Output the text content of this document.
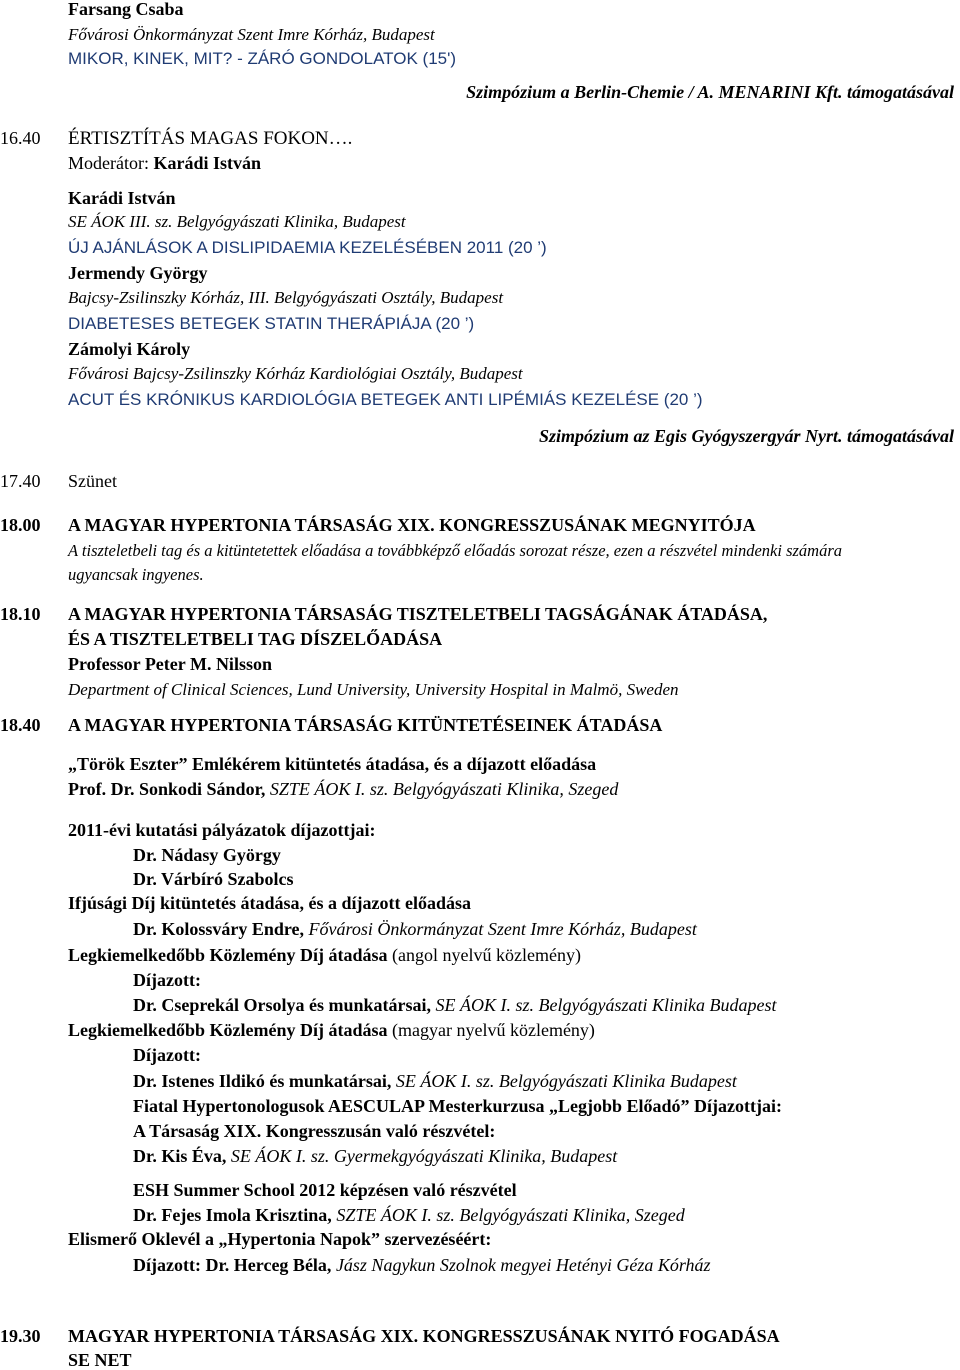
Farsang Csaba
Fővárosi Önkormányzat Szent Imre Kórház, Budapest
MIKOR, KINEK, MIT? - ZÁRÓ GONDOLATOK (15')
Szimpózium a Berlin-Chemie / A. MENARINI Kft. támogatásával
16.40 ÉRTISZTÍTÁS MAGAS FOKON….
Moderátor: Karádi István
Karádi István
SE ÁOK III. sz. Belgyógyászati Klinika, Budapest
ÚJ AJÁNLÁSOK A DISLIPIDAEMIA KEZELÉSÉBEN 2011 (20 ’)
Jermendy György
Bajcsy-Zsilinszky Kórház, III. Belgyógyászati Osztály, Budapest
DIABETESES BETEGEK STATIN THERÁPIÁJA (20 ’)
Zámolyi Károly
Fővárosi Bajcsy-Zsilinszky Kórház Kardiológiai Osztály, Budapest
ACUT ÉS KRÓNIKUS KARDIOLÓGIA BETEGEK ANTI LIPÉMIÁS KEZELÉSE (20 ’)
Szimpózium az Egis Gyógyszergyár Nyrt. támogatásával
17.40 Szünet
18.00 A MAGYAR HYPERTONIA TÁRSASÁG XIX. KONGRESSZUSÁNAK MEGNYITÓJA
A tiszteletbeli tag és a kitüntetettek előadása a továbbképző előadás sorozat része, ezen a részvétel mindenki számára
ugyancsak ingyenes.
18.10 A MAGYAR HYPERTONIA TÁRSASÁG TISZTELETBELI TAGSÁGÁNAK ÁTADÁSA,
ÉS A TISZTELETBELI TAG DÍSZELŐADÁSA
Professor Peter M. Nilsson
Department of Clinical Sciences, Lund University, University Hospital in Malmö, Sweden
18.40 A MAGYAR HYPERTONIA TÁRSASÁG KITÜNTETÉSEINEK ÁTADÁSA
„Török Eszter” Emlékérem kitüntetés átadása, és a díjazott előadása
Prof. Dr. Sonkodi Sándor, SZTE ÁOK I. sz. Belgyógyászati Klinika, Szeged
2011-évi kutatási pályázatok díjazottjai:
Dr. Nádasy György
Dr. Várbíró Szabolcs
Ifjúsági Díj kitüntetés átadása, és a díjazott előadása
Dr. Kolossváry Endre, Fővárosi Önkormányzat Szent Imre Kórház, Budapest
Legkiemelkedőbb Közlemény Díj átadása (angol nyelvű közlemény)
Díjazott:
Dr. Cseprekál Orsolya és munkatársai, SE ÁOK I. sz. Belgyógyászati Klinika Budapest
Legkiemelkedőbb Közlemény Díj átadása (magyar nyelvű közlemény)
Díjazott:
Dr. Istenes Ildikó és munkatársai, SE ÁOK I. sz. Belgyógyászati Klinika Budapest
Fiatal Hypertonologusok AESCULAP Mesterkurzusa „Legjobb Előadó” Díjazottjai:
A Társaság XIX. Kongresszusán való részvétel:
Dr. Kis Éva, SE ÁOK I. sz. Gyermekgyógyászati Klinika, Budapest
ESH Summer School 2012 képzésen való részvétel
Dr. Fejes Imola Krisztina, SZTE ÁOK I. sz. Belgyógyászati Klinika, Szeged
Elismerő Oklevél a „Hypertonia Napok” szervezéséért:
Díjazott: Dr. Herceg Béla, Jász Nagykun Szolnok megyei Hetényi Géza Kórház
19.30 MAGYAR HYPERTONIA TÁRSASÁG XIX. KONGRESSZUSÁNAK NYITÓ FOGADÁSA
SE NET
